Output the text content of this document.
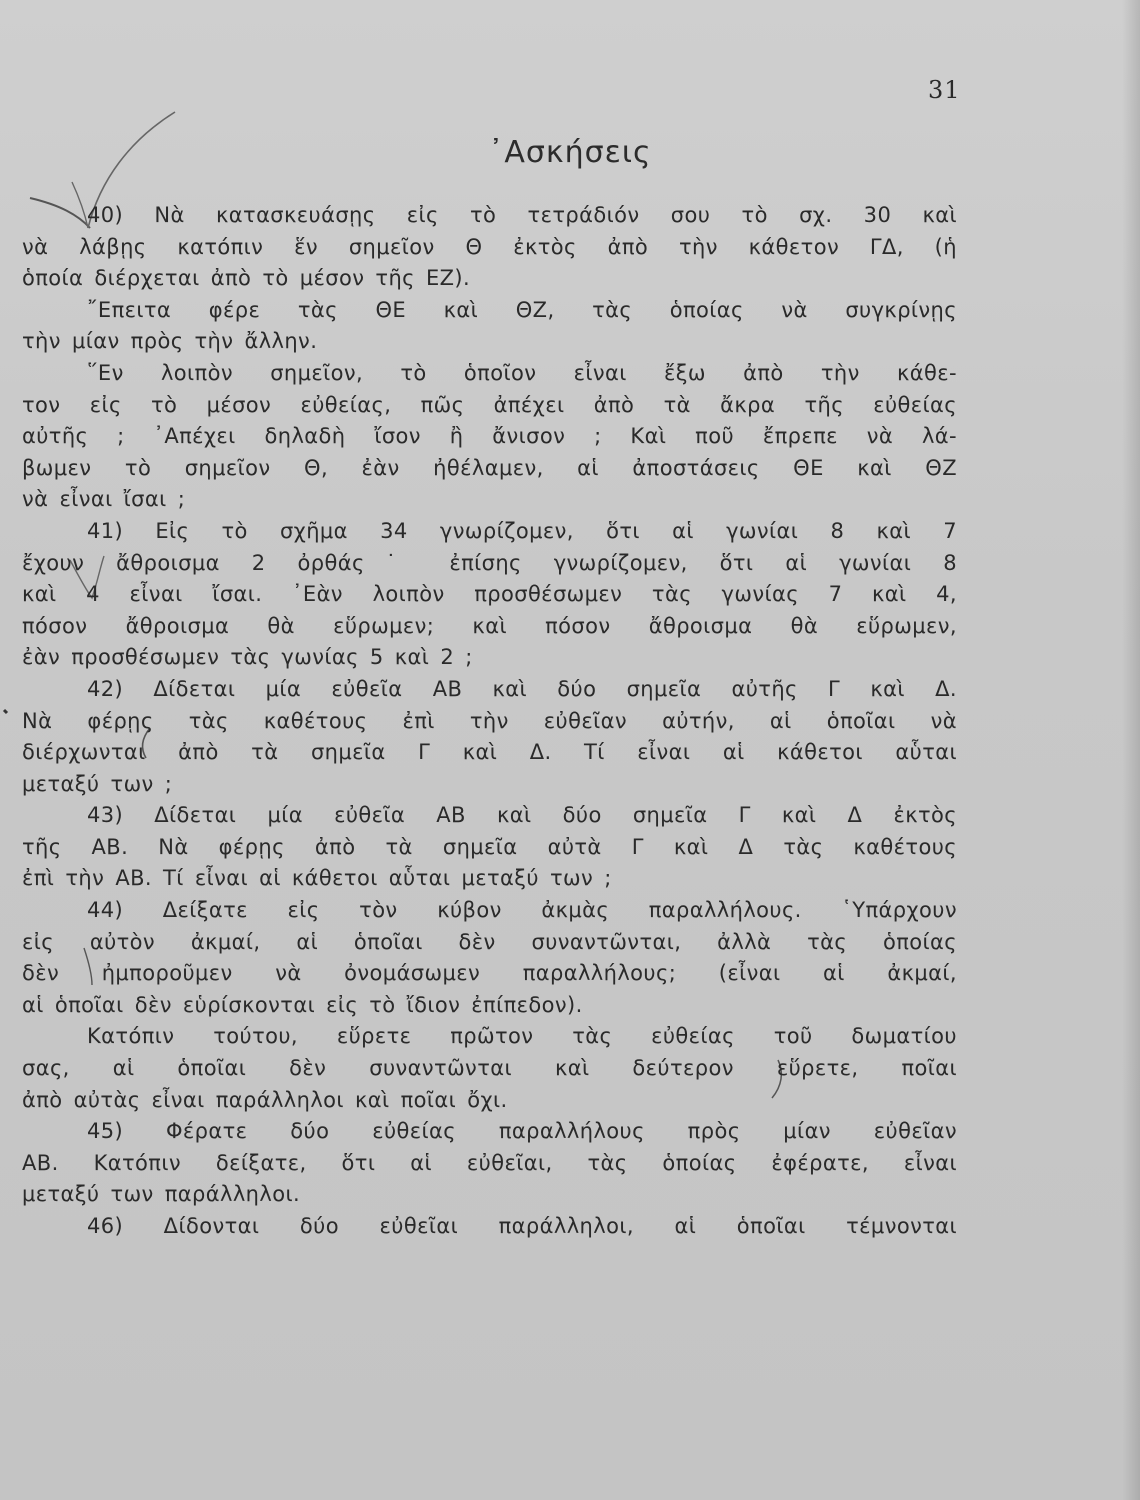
31
᾿Ασκήσεις
40) Νὰ κατασκευάσῃς εἰς τὸ τετράδιόν σου τὸ σχ. 30 καὶ
νὰ λάβῃς κατόπιν ἕν σημεῖον Θ ἐκτὸς ἀπὸ τὴν κάθετον ΓΔ, (ἡ
ὁποία διέρχεται ἀπὸ τὸ μέσον τῆς ΕΖ).
῎Επειτα φέρε τὰς ΘΕ καὶ ΘΖ, τὰς ὁποίας νὰ συγκρίνῃς
τὴν μίαν πρὸς τὴν ἄλλην.
῞Εν λοιπὸν σημεῖον, τὸ ὁποῖον εἶναι ἔξω ἀπὸ τὴν κάθε-
τον εἰς τὸ μέσον εὐθείας, πῶς ἀπέχει ἀπὸ τὰ ἄκρα τῆς εὐθείας
αὐτῆς ; ᾿Απέχει δηλαδὴ ἴσον ἢ ἄνισον ; Καὶ ποῦ ἔπρεπε νὰ λά-
βωμεν τὸ σημεῖον Θ, ἐὰν ἠθέλαμεν, αἱ ἀποστάσεις ΘΕ καὶ ΘΖ
νὰ εἶναι ἴσαι ;
41) Εἰς τὸ σχῆμα 34 γνωρίζομεν, ὅτι αἱ γωνίαι 8 καὶ 7
ἔχουν ἄθροισμα 2 ὀρθάς˙ ἐπίσης γνωρίζομεν, ὅτι αἱ γωνίαι 8
καὶ 4 εἶναι ἴσαι. ᾿Εὰν λοιπὸν προσθέσωμεν τὰς γωνίας 7 καὶ 4,
πόσον ἄθροισμα θὰ εὕρωμεν; καὶ πόσον ἄθροισμα θὰ εὕρωμεν,
ἐὰν προσθέσωμεν τὰς γωνίας 5 καὶ 2 ;
42) Δίδεται μία εὐθεῖα ΑΒ καὶ δύο σημεῖα αὐτῆς Γ καὶ Δ.
Νὰ φέρῃς τὰς καθέτους ἐπὶ τὴν εὐθεῖαν αὐτήν, αἱ ὁποῖαι νὰ
διέρχωνται ἀπὸ τὰ σημεῖα Γ καὶ Δ. Τί εἶναι αἱ κάθετοι αὗται
μεταξύ των ;
43) Δίδεται μία εὐθεῖα ΑΒ καὶ δύο σημεῖα Γ καὶ Δ ἐκτὸς
τῆς ΑΒ. Νὰ φέρῃς ἀπὸ τὰ σημεῖα αὐτὰ Γ καὶ Δ τὰς καθέτους
ἐπὶ τὴν ΑΒ. Τί εἶναι αἱ κάθετοι αὗται μεταξύ των ;
44) Δείξατε εἰς τὸν κύβον ἀκμὰς παραλλήλους. ῾Υπάρχουν
εἰς αὐτὸν ἀκμαί, αἱ ὁποῖαι δὲν συναντῶνται, ἀλλὰ τὰς ὁποίας
δὲν ἠμποροῦμεν νὰ ὀνομάσωμεν παραλλήλους; (εἶναι αἱ ἀκμαί,
αἱ ὁποῖαι δὲν εὑρίσκονται εἰς τὸ ἴδιον ἐπίπεδον).
Κατόπιν τούτου, εὕρετε πρῶτον τὰς εὐθείας τοῦ δωματίου
σας, αἱ ὁποῖαι δὲν συναντῶνται καὶ δεύτερον εὕρετε, ποῖαι
ἀπὸ αὐτὰς εἶναι παράλληλοι καὶ ποῖαι ὄχι.
45) Φέρατε δύο εὐθείας παραλλήλους πρὸς μίαν εὐθεῖαν
ΑΒ. Κατόπιν δείξατε, ὅτι αἱ εὐθεῖαι, τὰς ὁποίας ἐφέρατε, εἶναι
μεταξύ των παράλληλοι.
46) Δίδονται δύο εὐθεῖαι παράλληλοι, αἱ ὁποῖαι τέμνονται
